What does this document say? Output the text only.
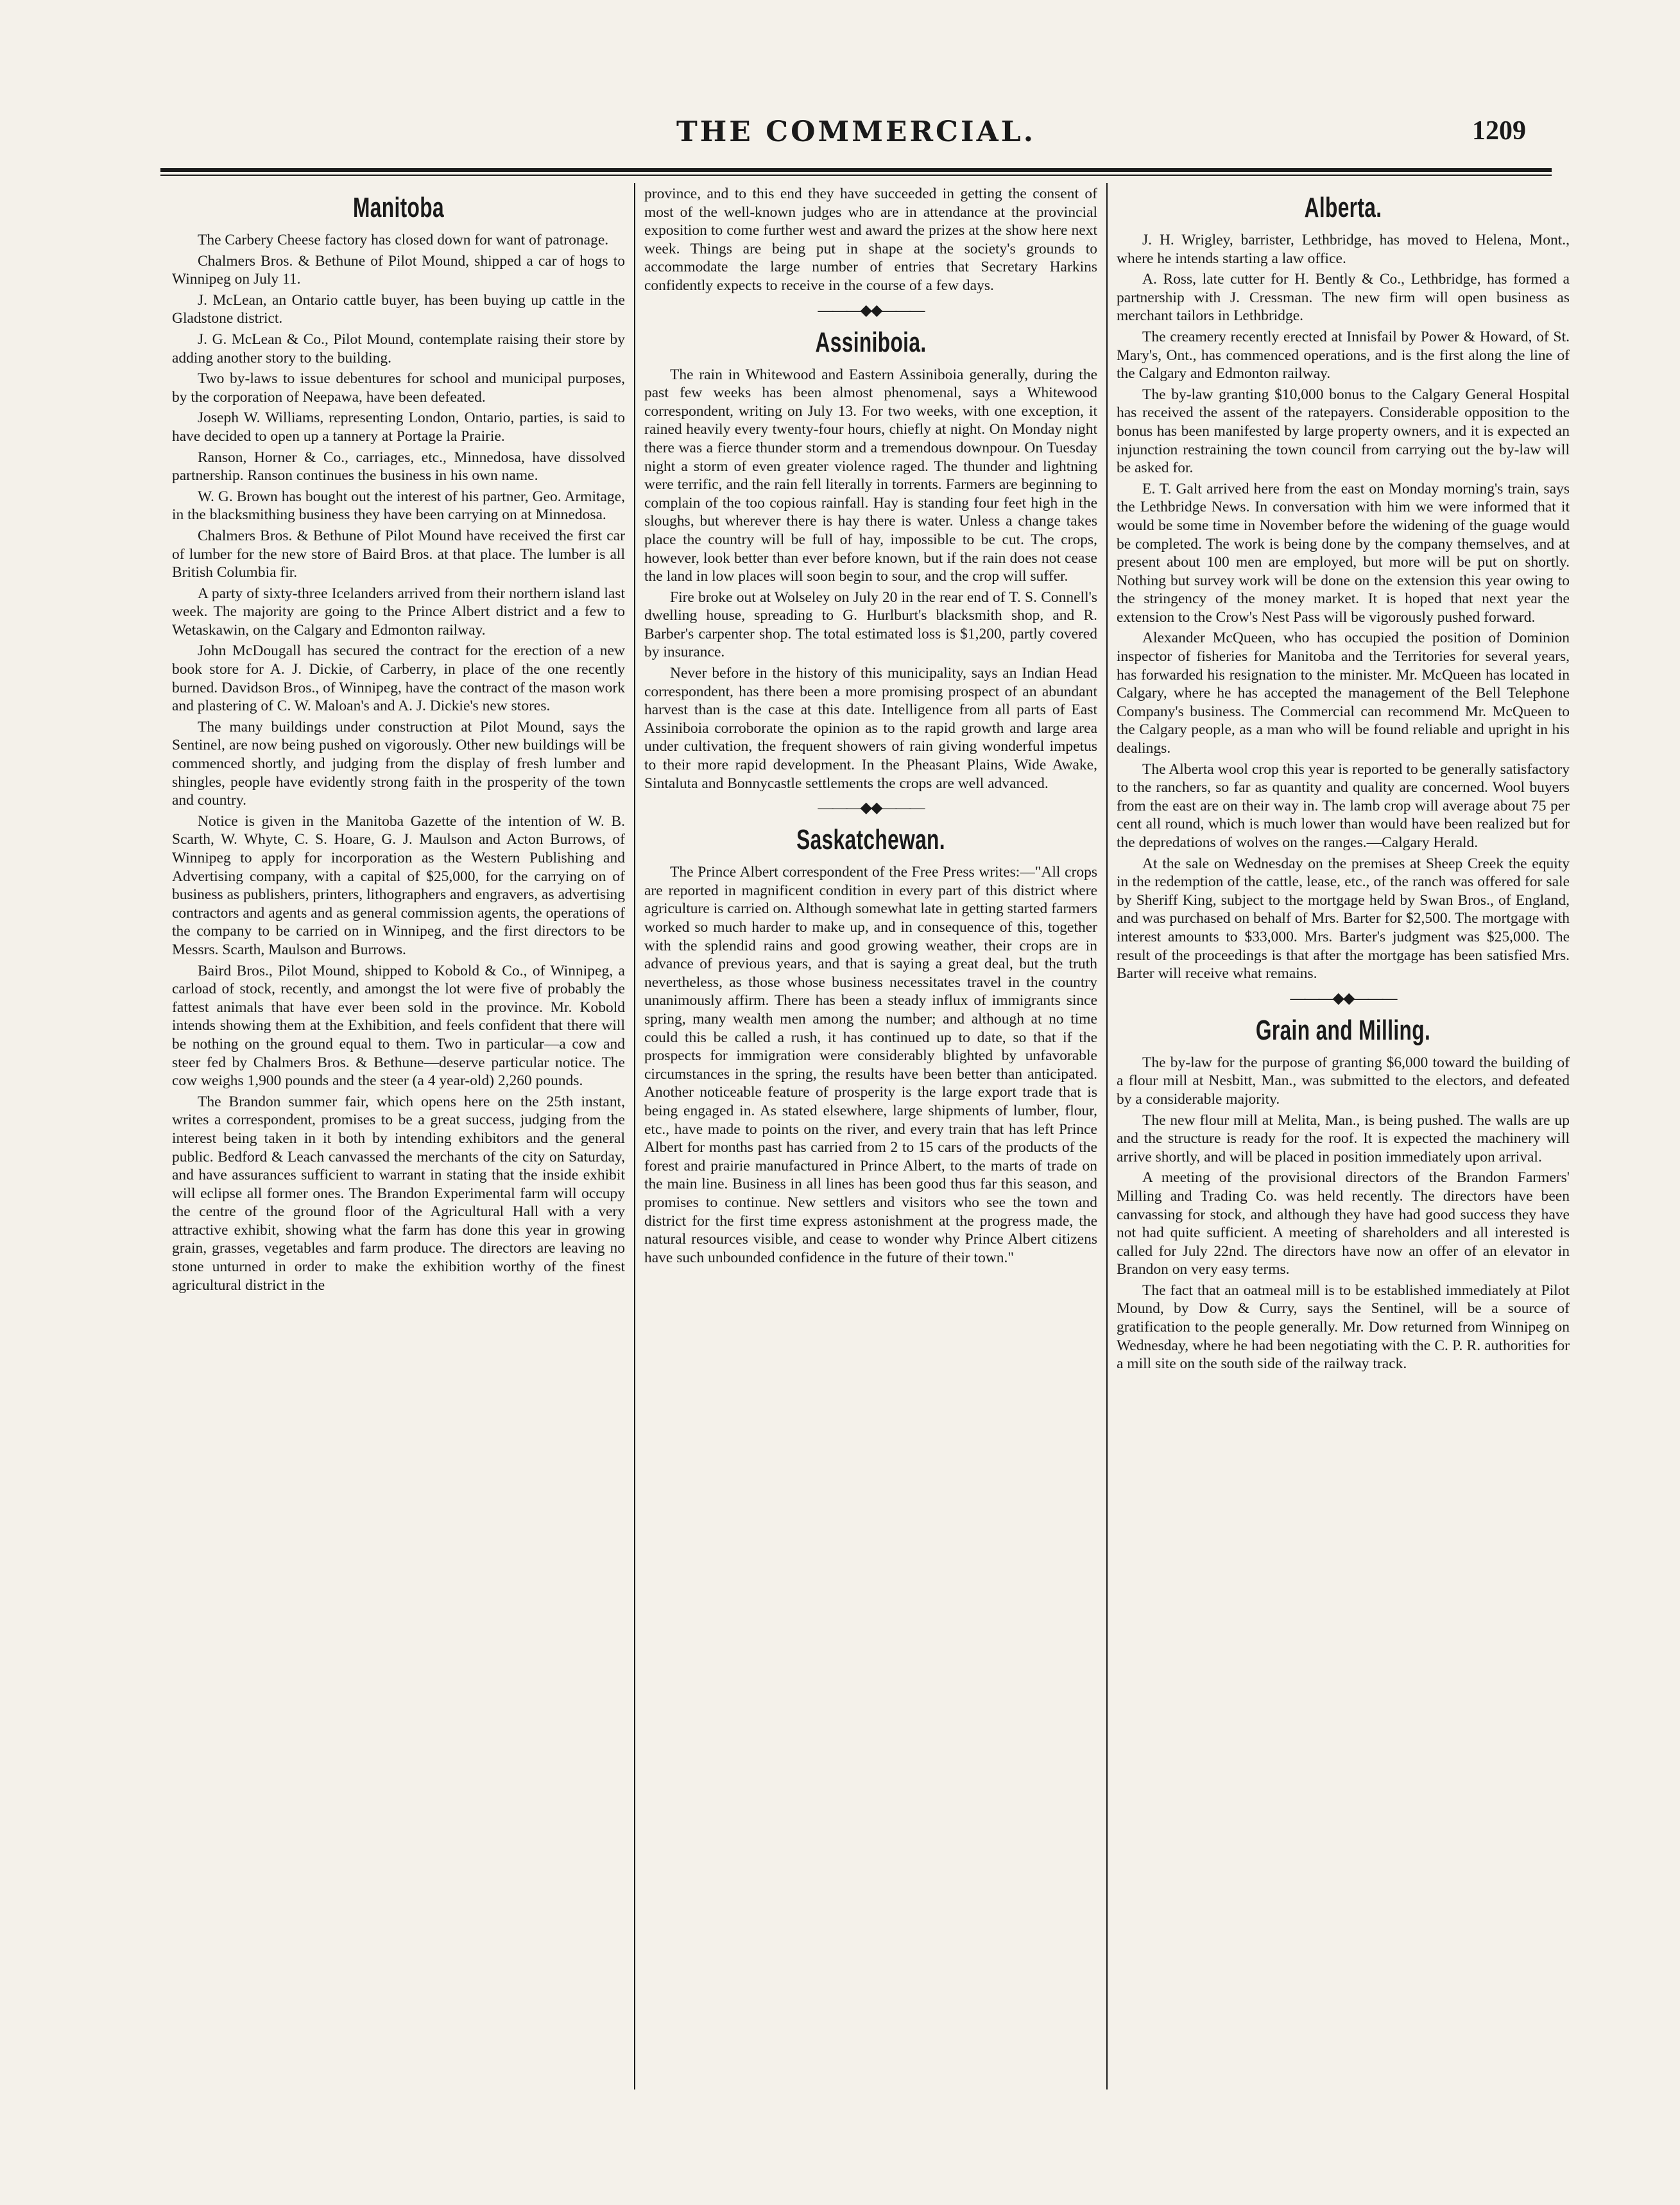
THE COMMERCIAL.	1209
Manitoba

The Carbery Cheese factory has closed down for want of patronage.

Chalmers Bros. & Bethune of Pilot Mound, shipped a car of hogs to Winnipeg on July 11.

J. McLean, an Ontario cattle buyer, has been buying up cattle in the Gladstone district.

J. G. McLean & Co., Pilot Mound, contemplate raising their store by adding another story to the building.

Two by-laws to issue debentures for school and municipal purposes, by the corporation of Neepawa, have been defeated.

Joseph W. Williams, representing London, Ontario, parties, is said to have decided to open up a tannery at Portage la Prairie.

Ranson, Horner & Co., carriages, etc., Minnedosa, have dissolved partnership. Ranson continues the business in his own name.

W. G. Brown has bought out the interest of his partner, Geo. Armitage, in the blacksmithing business they have been carrying on at Minnedosa.

Chalmers Bros. & Bethune of Pilot Mound have received the first car of lumber for the new store of Baird Bros. at that place. The lumber is all British Columbia fir.

A party of sixty-three Icelanders arrived from their northern island last week. The majority are going to the Prince Albert district and a few to Wetaskawin, on the Calgary and Edmonton railway.

John McDougall has secured the contract for the erection of a new book store for A. J. Dickie, of Carberry, in place of the one recently burned. Davidson Bros., of Winnipeg, have the contract of the mason work and plastering of C. W. Maloan's and A. J. Dickie's new stores.

The many buildings under construction at Pilot Mound, says the Sentinel, are now being pushed on vigorously. Other new buildings will be commenced shortly, and judging from the display of fresh lumber and shingles, people have evidently strong faith in the prosperity of the town and country.

Notice is given in the Manitoba Gazette of the intention of W. B. Scarth, W. Whyte, C. S. Hoare, G. J. Maulson and Acton Burrows, of Winnipeg to apply for incorporation as the Western Publishing and Advertising company, with a capital of $25,000, for the carrying on of business as publishers, printers, lithographers and engravers, as advertising contractors and agents and as general commission agents, the operations of the company to be carried on in Winnipeg, and the first directors to be Messrs. Scarth, Maulson and Burrows.

Baird Bros., Pilot Mound, shipped to Kobold & Co., of Winnipeg, a carload of stock, recently, and amongst the lot were five of probably the fattest animals that have ever been sold in the province. Mr. Kobold intends showing them at the Exhibition, and feels confident that there will be nothing on the ground equal to them. Two in particular—a cow and steer fed by Chalmers Bros. & Bethune—deserve particular notice. The cow weighs 1,900 pounds and the steer (a 4 year-old) 2,260 pounds.

The Brandon summer fair, which opens here on the 25th instant, writes a correspondent, promises to be a great success, judging from the interest being taken in it both by intending exhibitors and the general public. Bedford & Leach canvassed the merchants of the city on Saturday, and have assurances sufficient to warrant in stating that the inside exhibit will eclipse all former ones. The Brandon Experimental farm will occupy the centre of the ground floor of the Agricultural Hall with a very attractive exhibit, showing what the farm has done this year in growing grain, grasses, vegetables and farm produce. The directors are leaving no stone unturned in order to make the exhibition worthy of the finest agricultural district in the

province, and to this end they have succeeded in getting the consent of most of the well-known judges who are in attendance at the provincial exposition to come further west and award the prizes at the show here next week. Things are being put in shape at the society's grounds to accommodate the large number of entries that Secretary Harkins confidently expects to receive in the course of a few days.

———◆◆———
Assiniboia.

The rain in Whitewood and Eastern Assiniboia generally, during the past few weeks has been almost phenomenal, says a Whitewood correspondent, writing on July 13. For two weeks, with one exception, it rained heavily every twenty-four hours, chiefly at night. On Monday night there was a fierce thunder storm and a tremendous downpour. On Tuesday night a storm of even greater violence raged. The thunder and lightning were terrific, and the rain fell literally in torrents. Farmers are beginning to complain of the too copious rainfall. Hay is standing four feet high in the sloughs, but wherever there is hay there is water. Unless a change takes place the country will be full of hay, impossible to be cut. The crops, however, look better than ever before known, but if the rain does not cease the land in low places will soon begin to sour, and the crop will suffer.

Fire broke out at Wolseley on July 20 in the rear end of T. S. Connell's dwelling house, spreading to G. Hurlburt's blacksmith shop, and R. Barber's carpenter shop. The total estimated loss is $1,200, partly covered by insurance.

Never before in the history of this municipality, says an Indian Head correspondent, has there been a more promising prospect of an abundant harvest than is the case at this date. Intelligence from all parts of East Assiniboia corroborate the opinion as to the rapid growth and large area under cultivation, the frequent showers of rain giving wonderful impetus to their more rapid development. In the Pheasant Plains, Wide Awake, Sintaluta and Bonnycastle settlements the crops are well advanced.

———◆◆———
Saskatchewan.

The Prince Albert correspondent of the Free Press writes:—"All crops are reported in magnificent condition in every part of this district where agriculture is carried on. Although somewhat late in getting started farmers worked so much harder to make up, and in consequence of this, together with the splendid rains and good growing weather, their crops are in advance of previous years, and that is saying a great deal, but the truth nevertheless, as those whose business necessitates travel in the country unanimously affirm. There has been a steady influx of immigrants since spring, many wealth men among the number; and although at no time could this be called a rush, it has continued up to date, so that if the prospects for immigration were considerably blighted by unfavorable circumstances in the spring, the results have been better than anticipated. Another noticeable feature of prosperity is the large export trade that is being engaged in. As stated elsewhere, large shipments of lumber, flour, etc., have made to points on the river, and every train that has left Prince Albert for months past has carried from 2 to 15 cars of the products of the forest and prairie manufactured in Prince Albert, to the marts of trade on the main line. Business in all lines has been good thus far this season, and promises to continue. New settlers and visitors who see the town and district for the first time express astonishment at the progress made, the natural resources visible, and cease to wonder why Prince Albert citizens have such unbounded confidence in the future of their town."

Alberta.

J. H. Wrigley, barrister, Lethbridge, has moved to Helena, Mont., where he intends starting a law office.

A. Ross, late cutter for H. Bently & Co., Lethbridge, has formed a partnership with J. Cressman. The new firm will open business as merchant tailors in Lethbridge.

The creamery recently erected at Innisfail by Power & Howard, of St. Mary's, Ont., has commenced operations, and is the first along the line of the Calgary and Edmonton railway.

The by-law granting $10,000 bonus to the Calgary General Hospital has received the assent of the ratepayers. Considerable opposition to the bonus has been manifested by large property owners, and it is expected an injunction restraining the town council from carrying out the by-law will be asked for.

E. T. Galt arrived here from the east on Monday morning's train, says the Lethbridge News. In conversation with him we were informed that it would be some time in November before the widening of the guage would be completed. The work is being done by the company themselves, and at present about 100 men are employed, but more will be put on shortly. Nothing but survey work will be done on the extension this year owing to the stringency of the money market. It is hoped that next year the extension to the Crow's Nest Pass will be vigorously pushed forward.

Alexander McQueen, who has occupied the position of Dominion inspector of fisheries for Manitoba and the Territories for several years, has forwarded his resignation to the minister. Mr. McQueen has located in Calgary, where he has accepted the management of the Bell Telephone Company's business. The Commercial can recommend Mr. McQueen to the Calgary people, as a man who will be found reliable and upright in his dealings.

The Alberta wool crop this year is reported to be generally satisfactory to the ranchers, so far as quantity and quality are concerned. Wool buyers from the east are on their way in. The lamb crop will average about 75 per cent all round, which is much lower than would have been realized but for the depredations of wolves on the ranges.—Calgary Herald.

At the sale on Wednesday on the premises at Sheep Creek the equity in the redemption of the cattle, lease, etc., of the ranch was offered for sale by Sheriff King, subject to the mortgage held by Swan Bros., of England, and was purchased on behalf of Mrs. Barter for $2,500. The mortgage with interest amounts to $33,000. Mrs. Barter's judgment was $25,000. The result of the proceedings is that after the mortgage has been satisfied Mrs. Barter will receive what remains.

———◆◆———
Grain and Milling.

The by-law for the purpose of granting $6,000 toward the building of a flour mill at Nesbitt, Man., was submitted to the electors, and defeated by a considerable majority.

The new flour mill at Melita, Man., is being pushed. The walls are up and the structure is ready for the roof. It is expected the machinery will arrive shortly, and will be placed in position immediately upon arrival.

A meeting of the provisional directors of the Brandon Farmers' Milling and Trading Co. was held recently. The directors have been canvassing for stock, and although they have had good success they have not had quite sufficient. A meeting of shareholders and all interested is called for July 22nd. The directors have now an offer of an elevator in Brandon on very easy terms.

The fact that an oatmeal mill is to be established immediately at Pilot Mound, by Dow & Curry, says the Sentinel, will be a source of gratification to the people generally. Mr. Dow returned from Winnipeg on Wednesday, where he had been negotiating with the C. P. R. authorities for a mill site on the south side of the railway track.
